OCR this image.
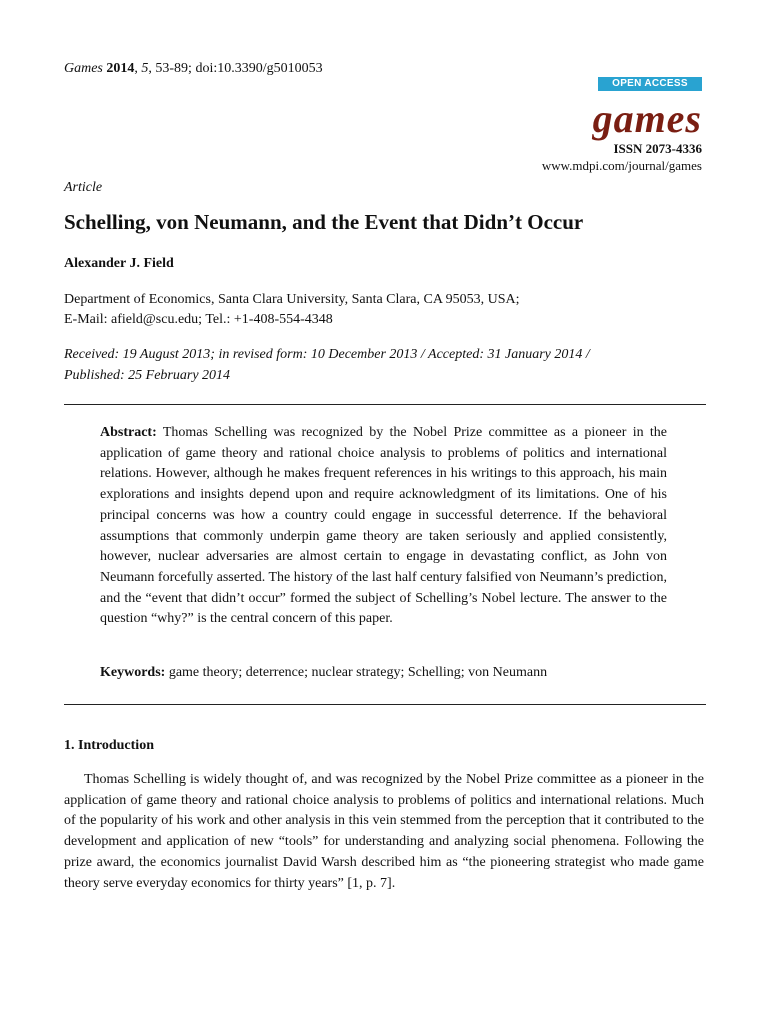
Games 2014, 5, 53-89; doi:10.3390/g5010053
OPEN ACCESS
games
ISSN 2073-4336
www.mdpi.com/journal/games
Article
Schelling, von Neumann, and the Event that Didn’t Occur
Alexander J. Field
Department of Economics, Santa Clara University, Santa Clara, CA 95053, USA;
E-Mail: afield@scu.edu; Tel.: +1-408-554-4348
Received: 19 August 2013; in revised form: 10 December 2013 / Accepted: 31 January 2014 /
Published: 25 February 2014
Abstract: Thomas Schelling was recognized by the Nobel Prize committee as a pioneer in the application of game theory and rational choice analysis to problems of politics and international relations. However, although he makes frequent references in his writings to this approach, his main explorations and insights depend upon and require acknowledgment of its limitations. One of his principal concerns was how a country could engage in successful deterrence. If the behavioral assumptions that commonly underpin game theory are taken seriously and applied consistently, however, nuclear adversaries are almost certain to engage in devastating conflict, as John von Neumann forcefully asserted. The history of the last half century falsified von Neumann’s prediction, and the “event that didn’t occur” formed the subject of Schelling’s Nobel lecture. The answer to the question “why?” is the central concern of this paper.
Keywords: game theory; deterrence; nuclear strategy; Schelling; von Neumann
1. Introduction
Thomas Schelling is widely thought of, and was recognized by the Nobel Prize committee as a pioneer in the application of game theory and rational choice analysis to problems of politics and international relations. Much of the popularity of his work and other analysis in this vein stemmed from the perception that it contributed to the development and application of new “tools” for understanding and analyzing social phenomena. Following the prize award, the economics journalist David Warsh described him as “the pioneering strategist who made game theory serve everyday economics for thirty years” [1, p. 7].
